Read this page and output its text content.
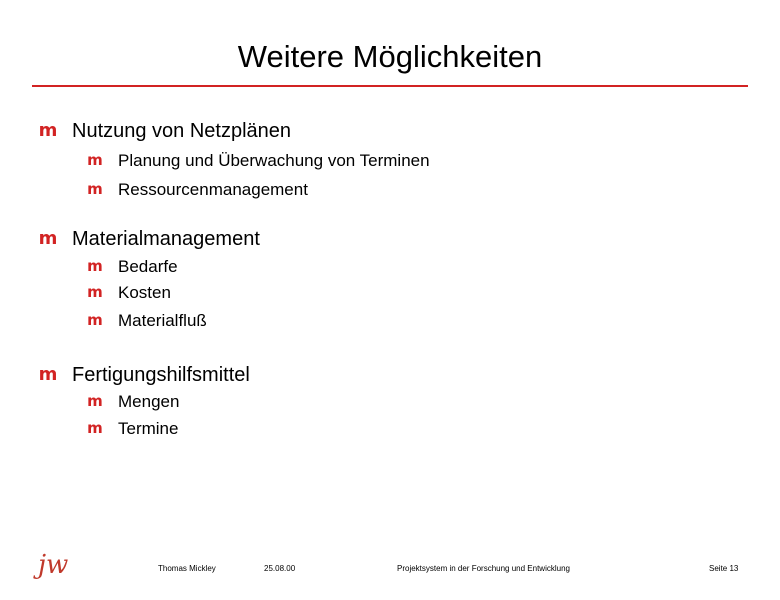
Weitere Möglichkeiten
m Nutzung von Netzplänen
m Planung und Überwachung von Terminen
m Ressourcenmanagement
m Materialmanagement
m Bedarfe
m Kosten
m Materialfluß
m Fertigungshilfsmittel
m Mengen
m Termine
jw	Thomas Mickley	25.08.00	Projektsystem in der Forschung und Entwicklung	Seite 13
